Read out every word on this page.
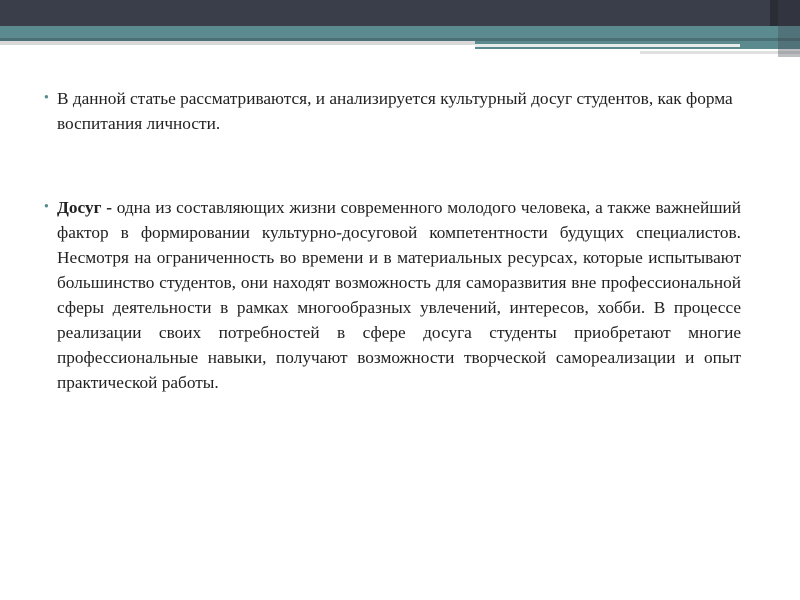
● В данной статье рассматриваются, и анализируется культурный досуг студентов, как форма воспитания личности.
● Досуг - одна из составляющих жизни современного молодого человека, а также важнейший фактор в формировании культурно-досуговой компетентности будущих специалистов. Несмотря на ограниченность во времени и в материальных ресурсах, которые испытывают большинство студентов, они находят возможность для саморазвития вне профессиональной сферы деятельности в рамках многообразных увлечений, интересов, хобби. В процессе реализации своих потребностей в сфере досуга студенты приобретают многие профессиональные навыки, получают возможности творческой самореализации и опыт практической работы.
